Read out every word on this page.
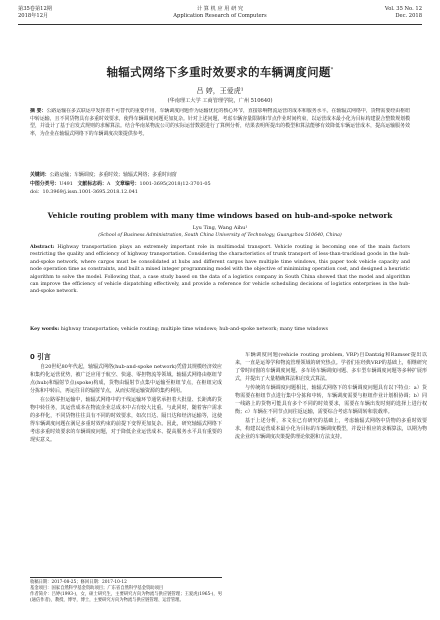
第35卷第12期
2018年12月
计 算 机 应 用 研 究
Application Research of Computers
Vol. 35 No. 12
Dec. 2018
轴辐式网络下多重时效要求的车辆调度问题*
吕 婷，王爱虎¹
(华南理工大学 工商管理学院，广州 510640)
摘 要：公路运输在多式联运中发挥着不可替代的重要作用，车辆调度问题作为运输优化的核心环节，直接影响物流运营的成本和服务水平。在轴辐式网络中，货物需要经由枢纽中转运输，且不同货物具有多重时效要求，使得车辆调度问题更加复杂。针对上述问题，考虑车辆容量限制和节点作业时间约束，以运营成本最小化为目标构建混合整数规划模型，并设计了基于启发式规则的求解算法。结合华南某物流公司的实际运营数据进行了算例分析，结果表明所提出的模型和算法能够有效降低车辆运营成本，提高运输服务效率，为企业在轴辐式网络下的车辆调度决策提供参考。
关键词：公路运输；车辆调度；多重时效；轴辐式网络；多重时间窗
中图分类号：U491 文献标志码：A 文章编号：1001-3695(2018)12-3701-05
doi：10.3969/j.issn.1001-3695.2018.12.041
Vehicle routing problem with many time windows based on hub-and-spoke network
Lyu Ting, Wang Aihu¹
(School of Business Administration, South China University of Technology, Guangzhou 510640, China)
Abstract: Highway transportation plays an extremely important role in multimodal transport. Vehicle routing is becoming one of the main factors restricting the quality and efficiency of highway transportation. Considering the characteristics of trunk transport of less-than-truckload goods in the hub-and-spoke network, where cargos must be consolidated at hubs and different cargos have multiple time windows, this paper took vehicle capacity and node operation time as constraints, and built a mixed integer programming model with the objective of minimizing operation cost, and designed a heuristic algorithm to solve the model. Following that, a case study based on the data of a logistics company in South China showed that the model and algorithm can improve the efficiency of vehicle dispatching effectively, and provide a reference for vehicle scheduling decisions of logistics enterprises in the hub-and-spoke network.
Key words: highway transportation; vehicle routing; multiple time windows; hub-and-spoke network; many time windows
0 引言

自20世纪80年代起，轴辐式网络(hub-and-spoke network)凭借其规模经济效应和集约化运营优势，被广泛应用于航空、快递、零担物流等领域。轴辐式网络由枢纽节点(hub)和辐射节点(spoke)构成，货物由辐射节点集中运输至枢纽节点，在枢纽完成分拣和中转后，再运往目的辐射节点，从而实现运输资源的集约利用。

在公路零担运输中，轴辐式网络中的干线运输环节通常承担着大批量、长距离的货物中转任务，其运营成本在物流企业总成本中占有较大比重。与此同时，随着客户需求的多样化，不同货物往往具有不同的时效要求，如次日达、隔日达和经济运输等，这使得车辆调度问题在满足多重时效约束的前提下变得更加复杂。因此，研究轴辐式网络下考虑多重时效要求的车辆调度问题，对于降低企业运营成本、提高服务水平具有重要的现实意义。

车辆调度问题(vehicle routing problem, VRP)自Dantzig和Ramser提出以来，一直是运筹学和物流管理领域的研究热点。学者们在经典VRP的基础上，相继研究了带时间窗的车辆调度问题、多车场车辆调度问题、多车型车辆调度问题等多种扩展形式，并提出了大量精确算法和启发式算法。

与传统的车辆调度问题相比，轴辐式网络下的车辆调度问题具有以下特点：a）货物需要在枢纽节点进行集中分拣和中转，车辆调度需要与枢纽作业计划相协调；b）同一线路上的货物可能具有多个不同的时效要求，需要在车辆出发时刻的选择上进行权衡；c）车辆在不同节点间往返运输，需要综合考虑车辆周转和装载率。

基于上述分析，本文在已有研究的基础上，考虑轴辐式网络中货物的多重时效要求，构建以运营成本最小化为目标的车辆调度模型，并设计相应的求解算法，以期为物流企业的车辆调度决策提供理论依据和方法支持。

收稿日期：2017-08-25；修回日期：2017-10-12
基金项目：国家自然科学基金资助项目；广东省自然科学基金资助项目
作者简介：吕婷(1993-)，女，硕士研究生，主要研究方向为物流与供应链管理；王爱虎(1965-)，男(通信作者)，教授，博导，博士，主要研究方向为物流与供应链管理、运营管理。
